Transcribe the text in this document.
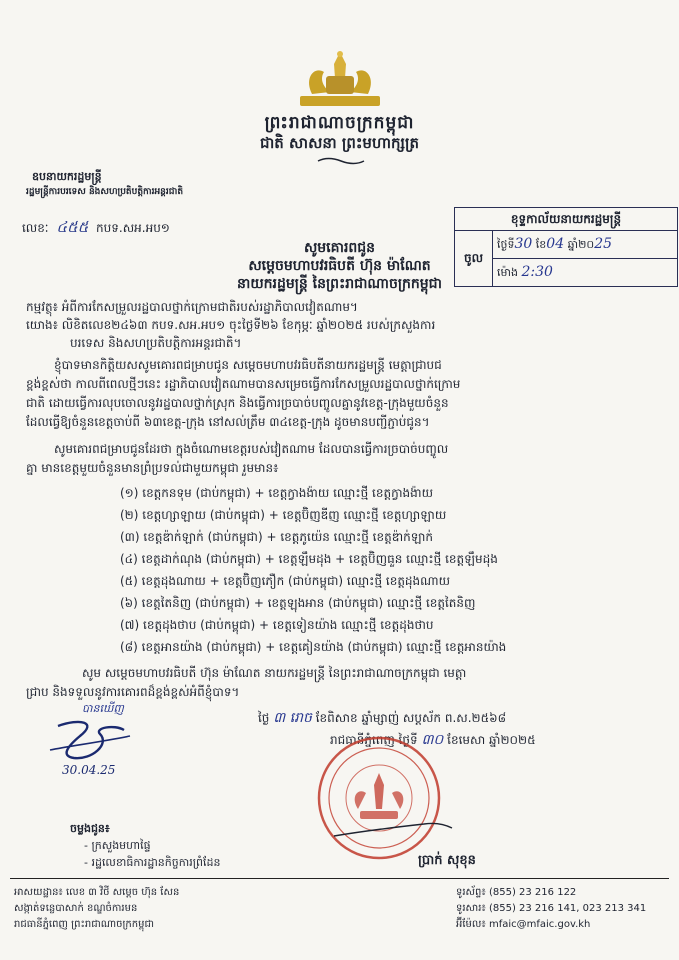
ព្រះរាជាណាចក្រកម្ពុជា
ជាតិ សាសនា ព្រះមហាក្សត្រ
ឧបនាយករដ្ឋមន្ត្រី
រដ្ឋមន្ត្រីការបរទេស និងសហប្រតិបត្តិការអន្តរជាតិ
លេខៈ ៤៥៥ កប​ទ.សអ.អប១
ខុទ្ទកាល័យនាយករដ្ឋមន្ត្រី
ចូល
ថ្ងៃទី30 ខែ04 ឆ្នាំ២០25
ម៉ោង 2:30
សូមគោរពជូន
សម្តេចមហាបវរធិបតី ហ៊ុន ម៉ាណែត
នាយករដ្ឋមន្ត្រី នៃព្រះរាជាណាចក្រកម្ពុជា
កម្មវត្ថុ៖ អំពីការកែសម្រួលរដ្ឋបាលថ្នាក់ក្រោមជាតិរបស់រដ្ឋាភិបាលវៀតណាម។
យោង៖ លិខិតលេខ២៤៦៣ កប​ទ.សអ.អប១ ចុះថ្ងៃទី២៦ ខែកុម្ភៈ ឆ្នាំ២០២៥ របស់ក្រសួងការ
បរទេស និងសហប្រតិបត្តិការអន្តរជាតិ។
ខ្ញុំបាទមានកិត្តិយសសូមគោរពជម្រាបជូន សម្តេចមហាបវរធិបតីនាយករដ្ឋមន្ត្រី មេត្តាជ្រាបជ
ខ្ពង់ខ្ពស់ថា កាលពីពេលថ្មីៗនេះ រដ្ឋាភិបាលវៀតណាមបានសម្រេចធ្វើការកែសម្រួលរដ្ឋបាលថ្នាក់ក្រោម
ជាតិ ដោយធ្វើការលុបចោលនូវរដ្ឋបាលថ្នាក់ស្រុក និងធ្វើការច្របាច់បញ្ចូលគ្នានូវខេត្ត-ក្រុងមួយចំនួន
ដែលធ្វើឱ្យចំនួនខេត្តចាប់ពី ៦៣ខេត្ត-ក្រុង នៅសល់ត្រឹម ៣៤ខេត្ត-ក្រុង ដូចមានបញ្ជីភ្ជាប់ជូន។
សូមគោរពជម្រាបជូនដែរថា ក្នុងចំណោមខេត្តរបស់វៀតណាម ដែលបានធ្វើការច្របាច់បញ្ចូល
គ្នា មានខេត្តមួយចំនួនមានព្រំប្រទល់ជាមួយកម្ពុជា រួមមាន៖
(១) ខេត្តកនទុម (ជាប់កម្ពុជា) + ខេត្តក្វាងង៉ាយ ឈ្មោះថ្មី ខេត្តក្វាងង៉ាយ
(២) ខេត្តហ្សាឡាយ (ជាប់កម្ពុជា) + ខេត្តប៊ិញឌីញ ឈ្មោះថ្មី ខេត្តហ្សាឡាយ
(៣) ខេត្តឌ៉ាក់ឡាក់ (ជាប់កម្ពុជា) + ខេត្តភូយ៉េន ឈ្មោះថ្មី ខេត្តឌ៉ាក់ឡាក់
(៤) ខេត្តដាក់ណុង (ជាប់កម្ពុជា) + ខេត្តឡឹមដុង + ខេត្តប៊ិញធួន ឈ្មោះថ្មី ខេត្តឡឹមដុង
(៥) ខេត្តដុងណាយ + ខេត្តប៊ិញភឿក (ជាប់កម្ពុជា) ឈ្មោះថ្មី ខេត្តដុងណាយ
(៦) ខេត្តតៃនិញ (ជាប់កម្ពុជា) + ខេត្តឡុងអាន (ជាប់កម្ពុជា) ឈ្មោះថ្មី ខេត្តតៃនិញ
(៧) ខេត្តដុងថាប (ជាប់កម្ពុជា) + ខេត្តទៀនយ៉ាង ឈ្មោះថ្មី ខេត្តដុងថាប
(៨) ខេត្តអានយ៉ាង (ជាប់កម្ពុជា) + ខេត្តគៀនយ៉ាង (ជាប់កម្ពុជា) ឈ្មោះថ្មី ខេត្តអានយ៉ាង
សូម សម្តេចមហាបវរធិបតី ហ៊ុន ម៉ាណែត នាយករដ្ឋមន្ត្រី នៃព្រះរាជាណាចក្រកម្ពុជា មេត្តា
ជ្រាប និងទទួលនូវការគោរពដ៏ខ្ពង់ខ្ពស់អំពីខ្ញុំបាទ។
ថ្ងៃ ៣ រោច ខែពិសាខ ឆ្នាំម្សាញ់ សប្តស័ក ព.ស.២៥៦៨
រាជធានីភ្នំពេញ ថ្ងៃទី ៣០ ខែមេសា ឆ្នាំ២០២៥
បានឃើញ
30.04.25
ប្រាក់ សុខុន
ចម្លងជូន៖
- ក្រសួងមហាផ្ទៃ
- រដ្ឋលេខាធិការដ្ឋានកិច្ចការព្រំដែន
អាសយដ្ឋាន៖ លេខ ៣ វិថី សម្តេច ហ៊ុន សែន
សង្កាត់ទន្លេបាសាក់ ខណ្ឌចំការមន
រាជធានីភ្នំពេញ ព្រះរាជាណាចក្រកម្ពុជា
ទូរស័ព្ទ៖ (855) 23 216 122
ទូរសារ៖ (855) 23 216 141, 023 213 341
អ៊ីម៉ែល៖ mfaic@mfaic.gov.kh
